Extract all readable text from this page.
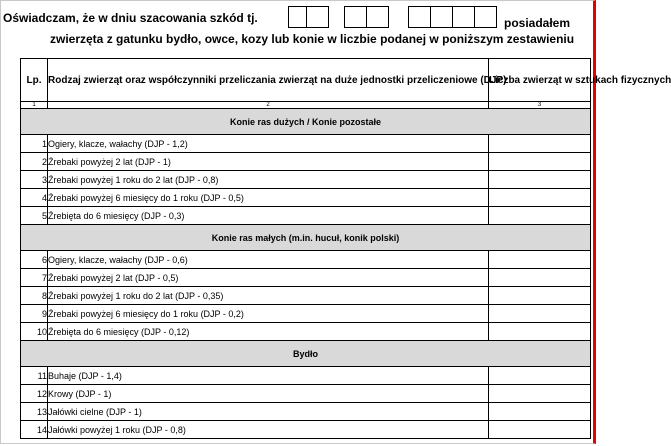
Oświadczam, że w dniu szacowania szkód tj.	posiadałem
zwierzęta z gatunku bydło, owce, kozy lub konie w liczbie podanej w poniższym zestawieniu
Lp.	Rodzaj zwierząt oraz współczynniki przeliczania zwierząt na duże jednostki przeliczeniowe (DJP)	Liczba zwierząt w sztukach fizycznych
1	2	3
Konie ras dużych / Konie pozostałe		
1	Ogiery, klacze, wałachy (DJP - 1,2)	
2	Źrebaki powyżej 2 lat (DJP - 1)	
3	Źrebaki powyżej 1 roku do 2 lat (DJP - 0,8)	
4	Źrebaki powyżej 6 miesięcy do 1 roku (DJP - 0,5)	
5	Źrebięta do 6 miesięcy (DJP - 0,3)	
Konie ras małych (m.in. hucuł, konik polski)		
6	Ogiery, klacze, wałachy (DJP - 0,6)	
7	Źrebaki powyżej 2 lat (DJP - 0,5)	
8	Źrebaki powyżej 1 roku do 2 lat (DJP - 0,35)	
9	Źrebaki powyżej 6 miesięcy do 1 roku (DJP - 0,2)	
10	Źrebięta do 6 miesięcy (DJP - 0,12)	
Bydło		
11	Buhaje (DJP - 1,4)	
12	Krowy (DJP - 1)	
13	Jałówki cielne (DJP - 1)	
14	Jałówki powyżej 1 roku (DJP - 0,8)	
